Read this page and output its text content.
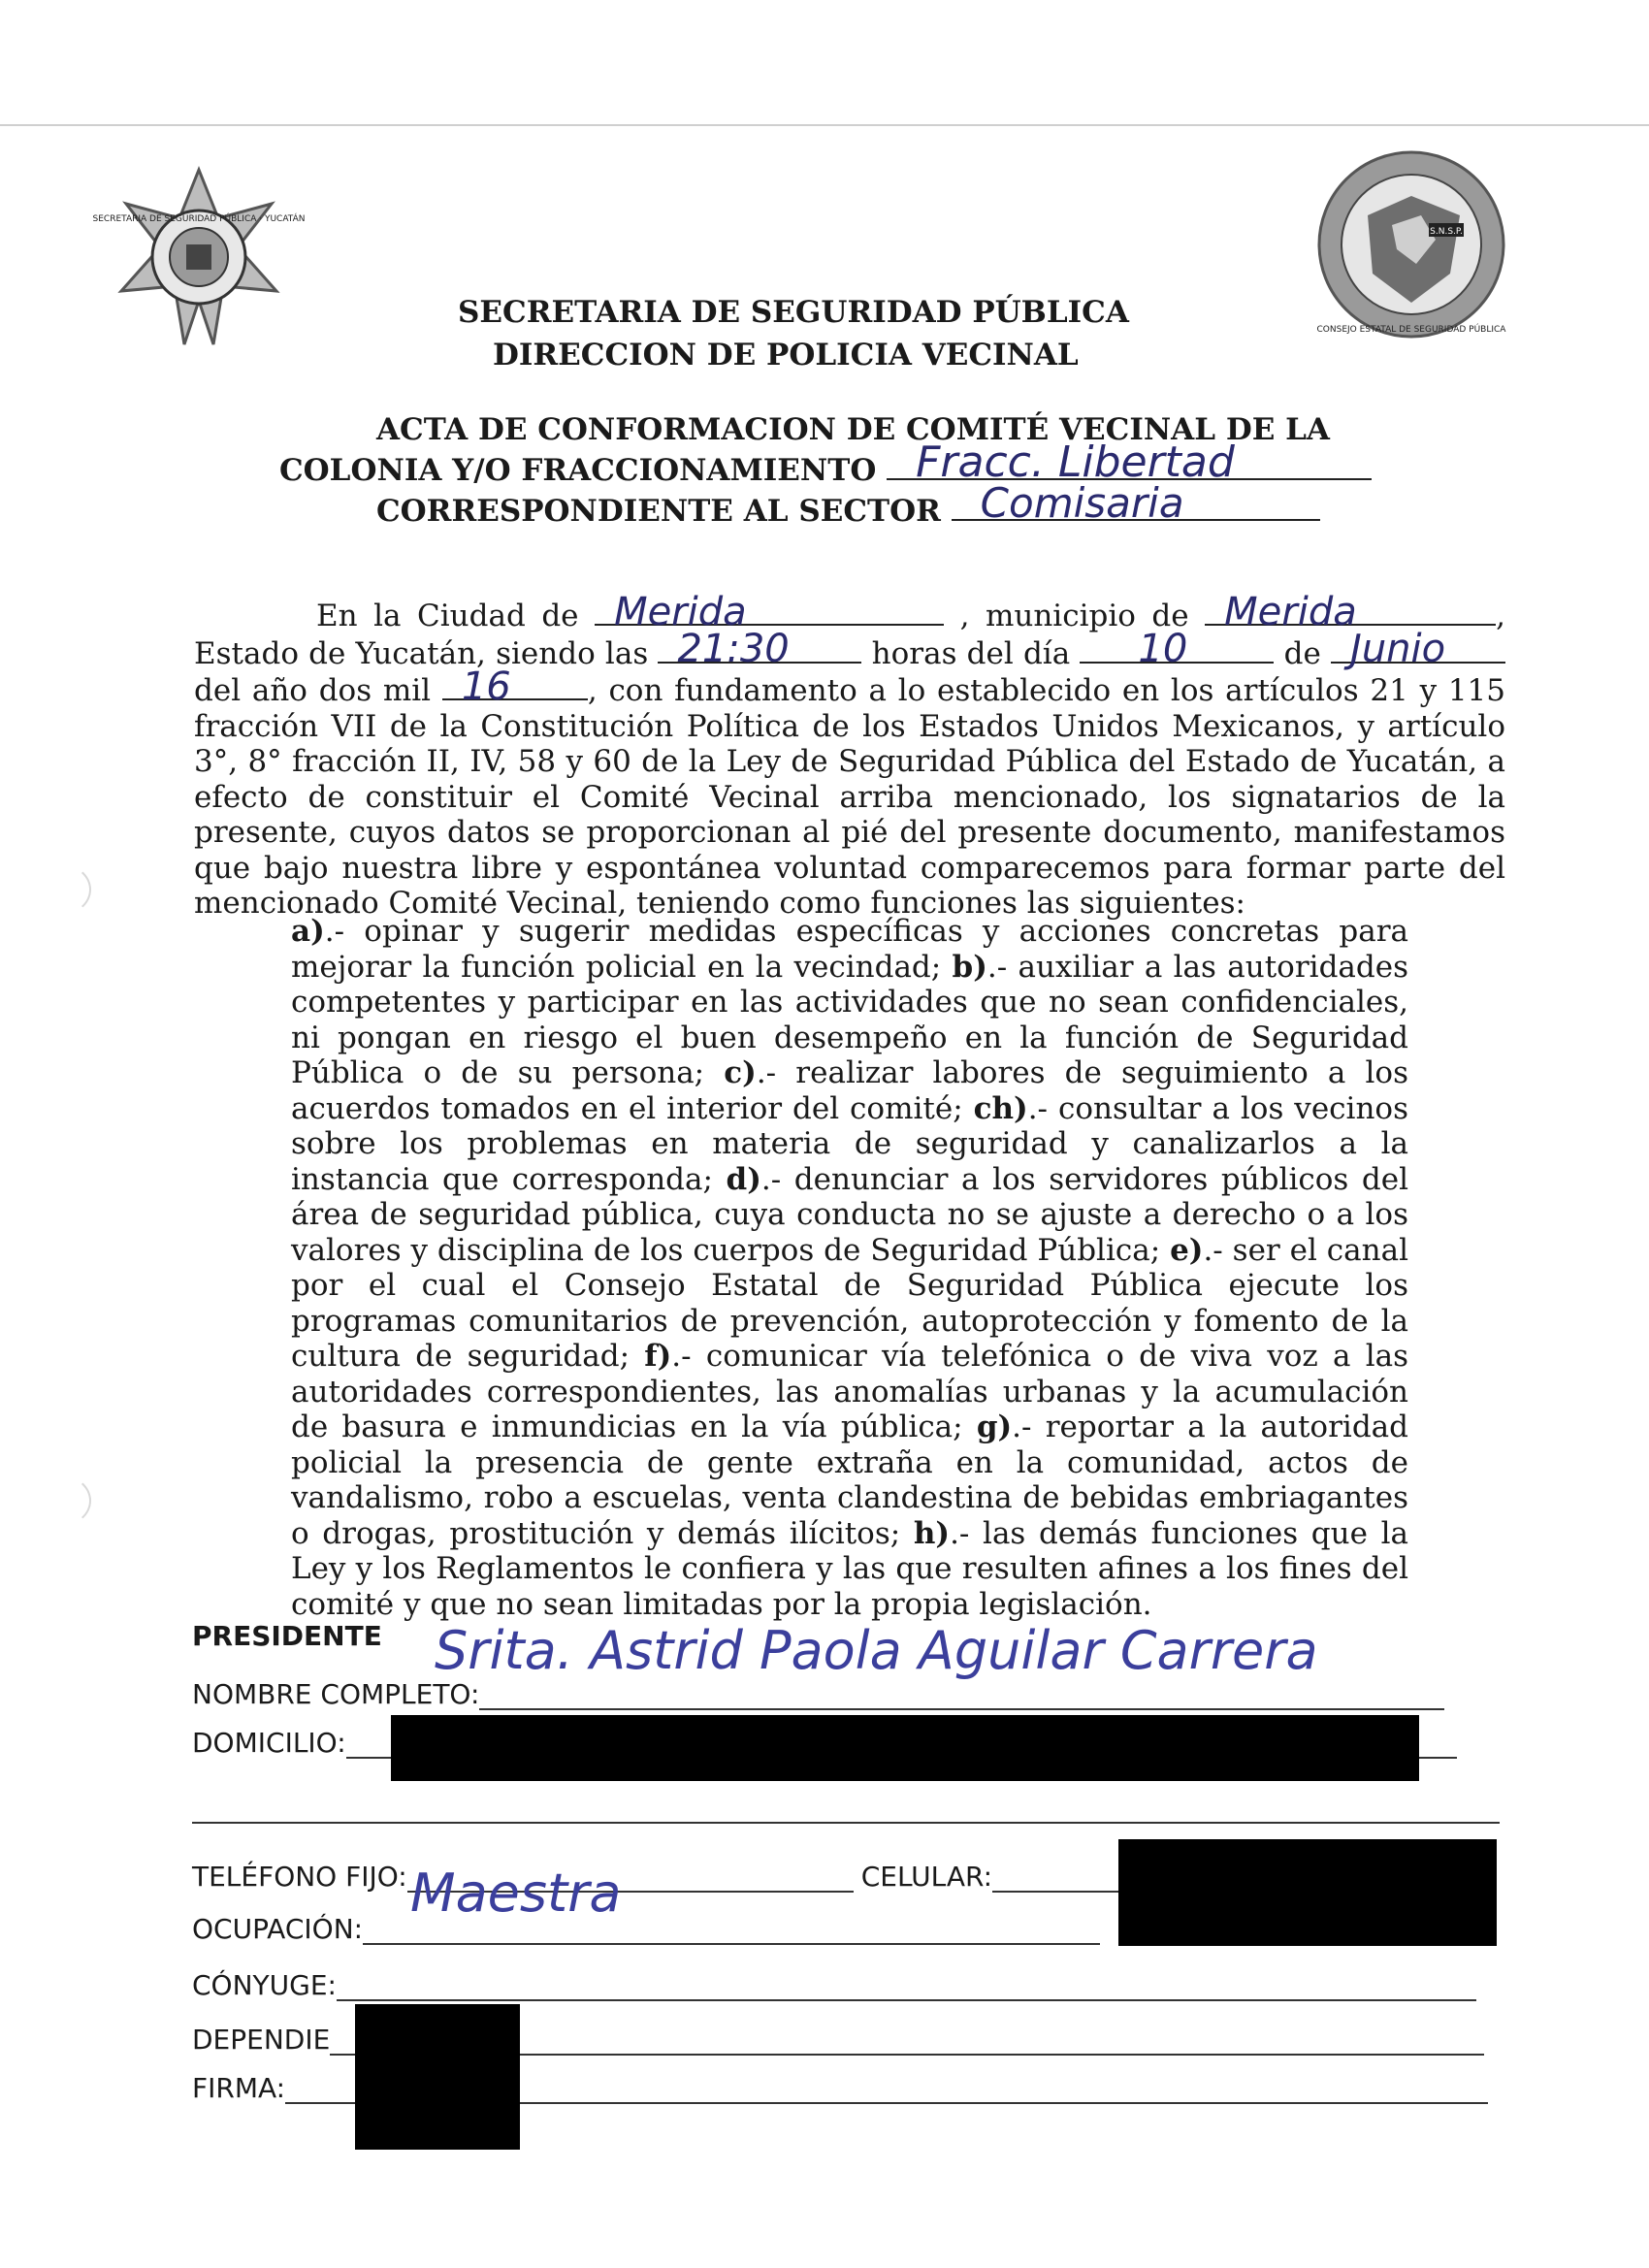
SECRETARIA DE SEGURIDAD PÚBLICA · YUCATÁN
S.N.S.P.
CONSEJO ESTATAL DE SEGURIDAD PÚBLICA
SECRETARIA DE SEGURIDAD PÚBLICA
DIRECCION DE POLICIA VECINAL
ACTA DE CONFORMACION DE COMITÉ VECINAL DE LA
COLONIA Y/O FRACCIONAMIENTO Fracc. Libertad
CORRESPONDIENTE AL SECTOR Comisaria

En la Ciudad de Merida	, municipio de Merida	, Estado de Yucatán, siendo las 21:30	horas del día 10	de Junio
del año dos mil 16	, con fundamento a lo establecido en los artículos 21 y 115 fracción VII de la Constitución Política de los Estados Unidos Mexicanos, y artículo 3°, 8° fracción II, IV, 58 y 60 de la Ley de Seguridad Pública del Estado de Yucatán, a efecto de constituir el Comité Vecinal arriba mencionado, los signatarios de la presente, cuyos datos se proporcionan al pié del presente documento, manifestamos que bajo nuestra libre y espontánea voluntad comparecemos para formar parte del mencionado Comité Vecinal, teniendo como funciones las siguientes:

a).- opinar y sugerir medidas específicas y acciones concretas para mejorar la función policial en la vecindad; b).- auxiliar a las autoridades competentes y participar en las actividades que no sean confidenciales, ni pongan en riesgo el buen desempeño en la función de Seguridad Pública o de su persona; c).- realizar labores de seguimiento a los acuerdos tomados en el interior del comité; ch).- consultar a los vecinos sobre los problemas en materia de seguridad y canalizarlos a la instancia que corresponda; d).- denunciar a los servidores públicos del área de seguridad pública, cuya conducta no se ajuste a derecho o a los valores y disciplina de los cuerpos de Seguridad Pública; e).- ser el canal por el cual el Consejo Estatal de Seguridad Pública ejecute los programas comunitarios de prevención, autoprotección y fomento de la cultura de seguridad; f).- comunicar vía telefónica o de viva voz a las autoridades correspondientes, las anomalías urbanas y la acumulación de basura e inmundicias en la vía pública; g).- reportar a la autoridad policial la presencia de gente extraña en la comunidad, actos de vandalismo, robo a escuelas, venta clandestina de bebidas embriagantes o drogas, prostitución y demás ilícitos; h).- las demás funciones que la Ley y los Reglamentos le confiera y las que resulten afines a los fines del comité y que no sean limitadas por la propia legislación.
PRESIDENTE
NOMBRE COMPLETO:
Srita. Astrid Paola Aguilar Carrera
DOMICILIO:
TELÉFONO FIJO:	CELULAR:
OCUPACIÓN:
Maestra
CÓNYUGE:
DEPENDIE
FIRMA:
